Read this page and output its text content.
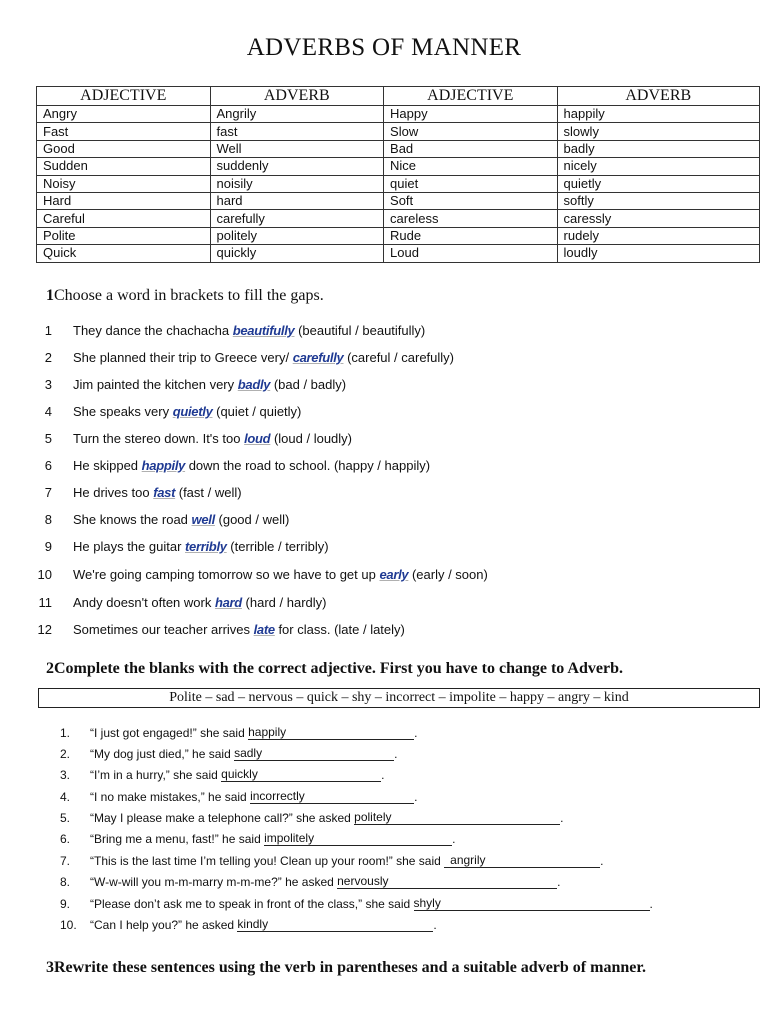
ADVERBS OF MANNER
ADJECTIVE	ADVERB	ADJECTIVE	ADVERB
Angry	Angrily	Happy	happily
Fast	fast	Slow	slowly
Good	Well	Bad	badly
Sudden	suddenly	Nice	nicely
Noisy	noisily	quiet	quietly
Hard	hard	Soft	softly
Careful	carefully	careless	caressly
Polite	politely	Rude	rudely
Quick	quickly	Loud	loudly
1Choose a word in brackets to fill the gaps.
1 They dance the chachacha beautifully (beautiful / beautifully)
2 She planned their trip to Greece very/ carefully (careful / carefully)
3 Jim painted the kitchen very badly (bad / badly)
4 She speaks very quietly (quiet / quietly)
5 Turn the stereo down. It's too loud (loud / loudly)
6 He skipped happily down the road to school. (happy / happily)
7 He drives too fast (fast / well)
8 She knows the road well (good / well)
9 He plays the guitar terribly (terrible / terribly)
10 We're going camping tomorrow so we have to get up early (early / soon)
11 Andy doesn't often work hard (hard / hardly)
12 Sometimes our teacher arrives late for class. (late / lately)
2Complete the blanks with the correct adjective. First you have to change to Adverb.
Polite – sad – nervous – quick – shy – incorrect – impolite – happy – angry – kind
1. “I just got engaged!” she said happily	.
2. “My dog just died,” he said sadly	.
3. “I’m in a hurry,” she said quickly	.
4. “I no make mistakes,” he said incorrectly	.
5. “May I please make a telephone call?” she asked politely	.
6. “Bring me a menu, fast!” he said impolitely	.
7. “This is the last time I’m telling you! Clean up your room!” she said angrily	.
8. “W-w-will you m-m-marry m-m-me?” he asked nervously	.
9. “Please don’t ask me to speak in front of the class,” she said shyly	.
10. “Can I help you?” he asked kindly	.
3Rewrite these sentences using the verb in parentheses and a suitable adverb of manner.
